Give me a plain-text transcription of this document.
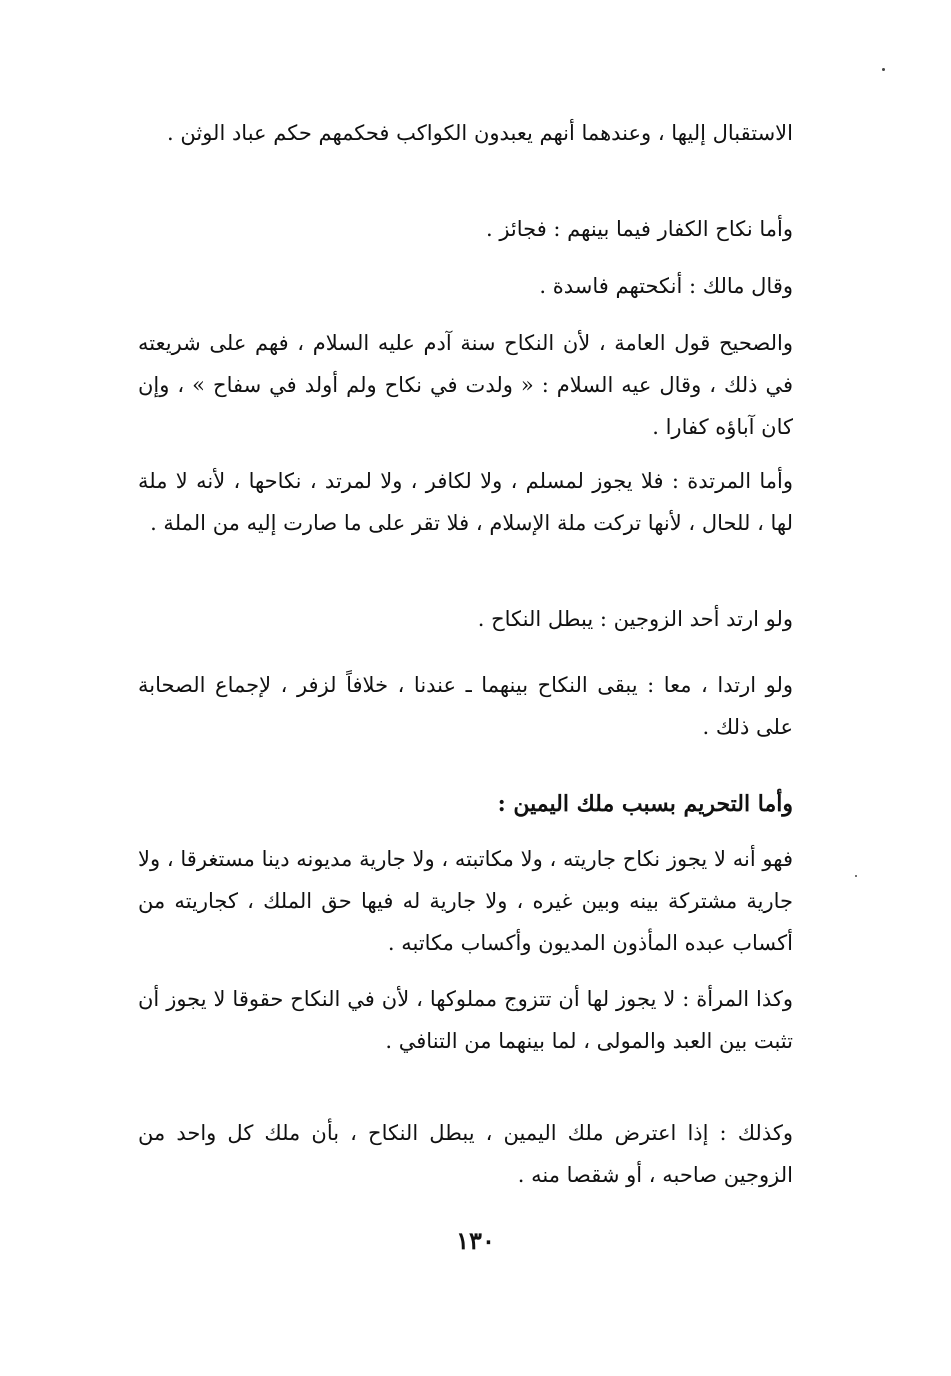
الاستقبال إليها ، وعندهما أنهم يعبدون الكواكب فحكمهم حكم عباد الوثن .

وأما نكاح الكفار فيما بينهم : فجائز .

وقال مالك : أنكحتهم فاسدة .

والصحيح قول العامة ، لأن النكاح سنة آدم عليه السلام ، فهم على شريعته في ذلك ، وقال عيه السلام : « ولدت في نكاح ولم أولد في سفاح » ، وإن كان آباؤه كفارا .

وأما المرتدة : فلا يجوز لمسلم ، ولا لكافر ، ولا لمرتد ، نكاحها ، لأنه لا ملة لها ، للحال ، لأنها تركت ملة الإسلام ، فلا تقر على ما صارت إليه من الملة .

ولو ارتد أحد الزوجين : يبطل النكاح .

ولو ارتدا ، معا : يبقى النكاح بينهما ـ عندنا ، خلافاً لزفر ، لإجماع الصحابة على ذلك .

وأما التحريم بسبب ملك اليمين :

فهو أنه لا يجوز نكاح جاريته ، ولا مكاتبته ، ولا جارية مديونه دينا مستغرقا ، ولا جارية مشتركة بينه وبين غيره ، ولا جارية له فيها حق الملك ، كجاريته من أكساب عبده المأذون المديون وأكساب مكاتبه .

وكذا المرأة : لا يجوز لها أن تتزوج مملوكها ، لأن في النكاح حقوقا لا يجوز أن تثبت بين العبد والمولى ، لما بينهما من التنافي .

وكذلك : إذا اعترض ملك اليمين ، يبطل النكاح ، بأن ملك كل واحد من الزوجين صاحبه ، أو شقصا منه .

١٣٠
